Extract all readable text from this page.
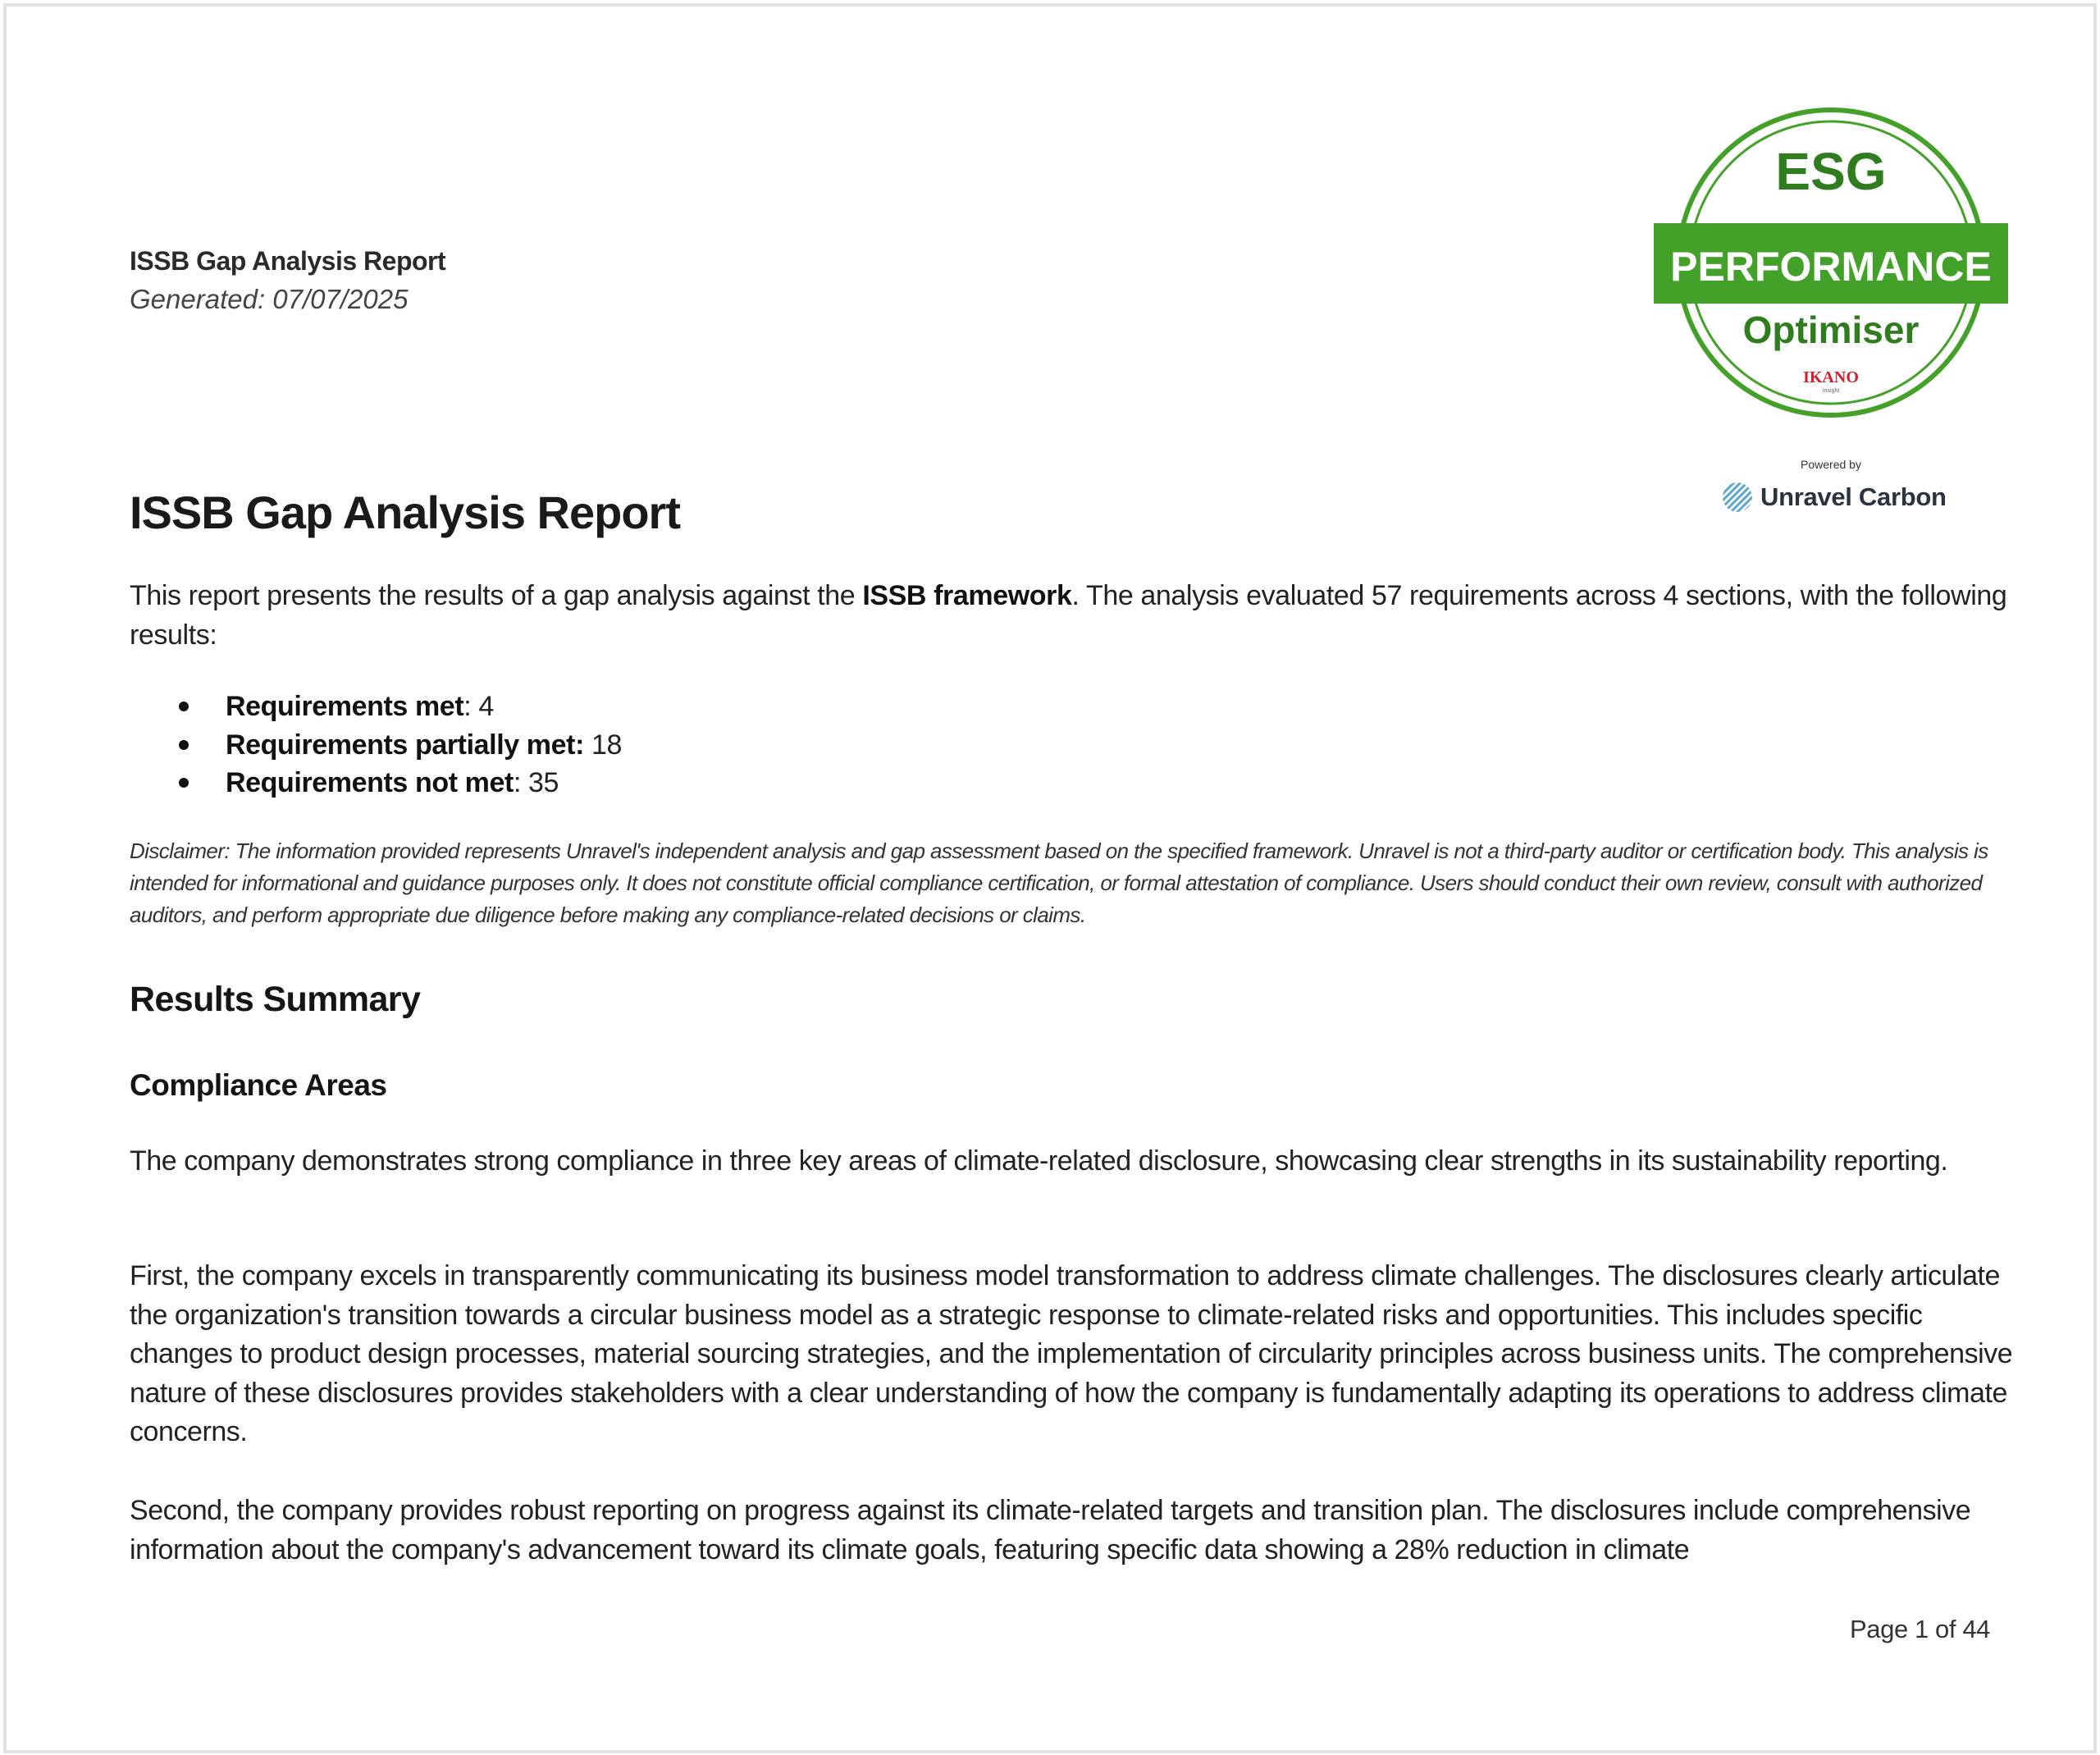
ISSB Gap Analysis Report
Generated: 07/07/2025
ESG
PERFORMANCE
Optimiser
IKANO
Insight
Powered by
Unravel Carbon
ISSB Gap Analysis Report
This report presents the results of a gap analysis against the ISSB framework. The analysis evaluated 57 requirements across 4 sections, with the following results:
Requirements met: 4
Requirements partially met: 18
Requirements not met: 35
Disclaimer: The information provided represents Unravel's independent analysis and gap assessment based on the specified framework. Unravel is not a third-party auditor or certification body. This analysis is intended for informational and guidance purposes only. It does not constitute official compliance certification, or formal attestation of compliance. Users should conduct their own review, consult with authorized auditors, and perform appropriate due diligence before making any compliance-related decisions or claims.
Results Summary
Compliance Areas
The company demonstrates strong compliance in three key areas of climate-related disclosure, showcasing clear strengths in its sustainability reporting.
First, the company excels in transparently communicating its business model transformation to address climate challenges. The disclosures clearly articulate the organization's transition towards a circular business model as a strategic response to climate-related risks and opportunities. This includes specific changes to product design processes, material sourcing strategies, and the implementation of circularity principles across business units. The comprehensive nature of these disclosures provides stakeholders with a clear understanding of how the company is fundamentally adapting its operations to address climate concerns.
Second, the company provides robust reporting on progress against its climate-related targets and transition plan. The disclosures include comprehensive information about the company's advancement toward its climate goals, featuring specific data showing a 28% reduction in climate
Page 1 of 44
